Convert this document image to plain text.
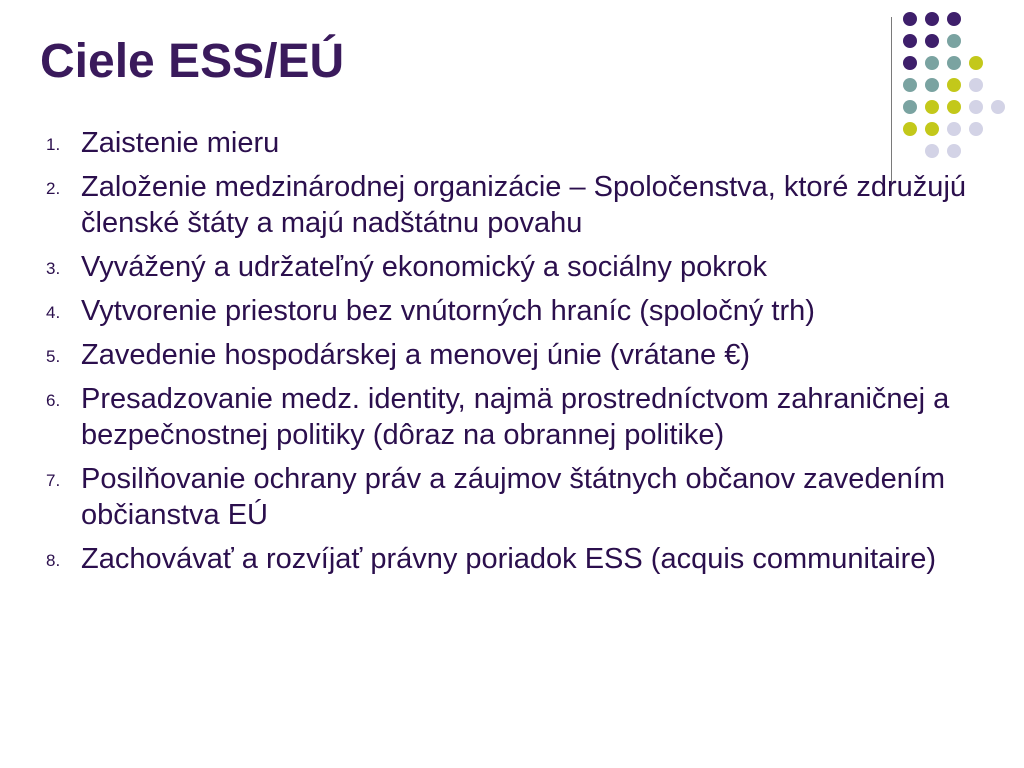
Ciele ESS/EÚ
1. Zaistenie mieru
2. Založenie medzinárodnej organizácie – Spoločenstva, ktoré združujú členské štáty a majú nadštátnu povahu
3. Vyvážený a udržateľný ekonomický a sociálny pokrok
4. Vytvorenie priestoru bez vnútorných hraníc (spoločný trh)
5. Zavedenie hospodárskej a menovej únie (vrátane €)
6. Presadzovanie medz. identity, najmä prostredníctvom zahraničnej a bezpečnostnej politiky (dôraz na obrannej politike)
7. Posilňovanie ochrany práv a záujmov štátnych občanov zavedením občianstva EÚ
8. Zachovávať a rozvíjať právny poriadok ESS (acquis communitaire)
